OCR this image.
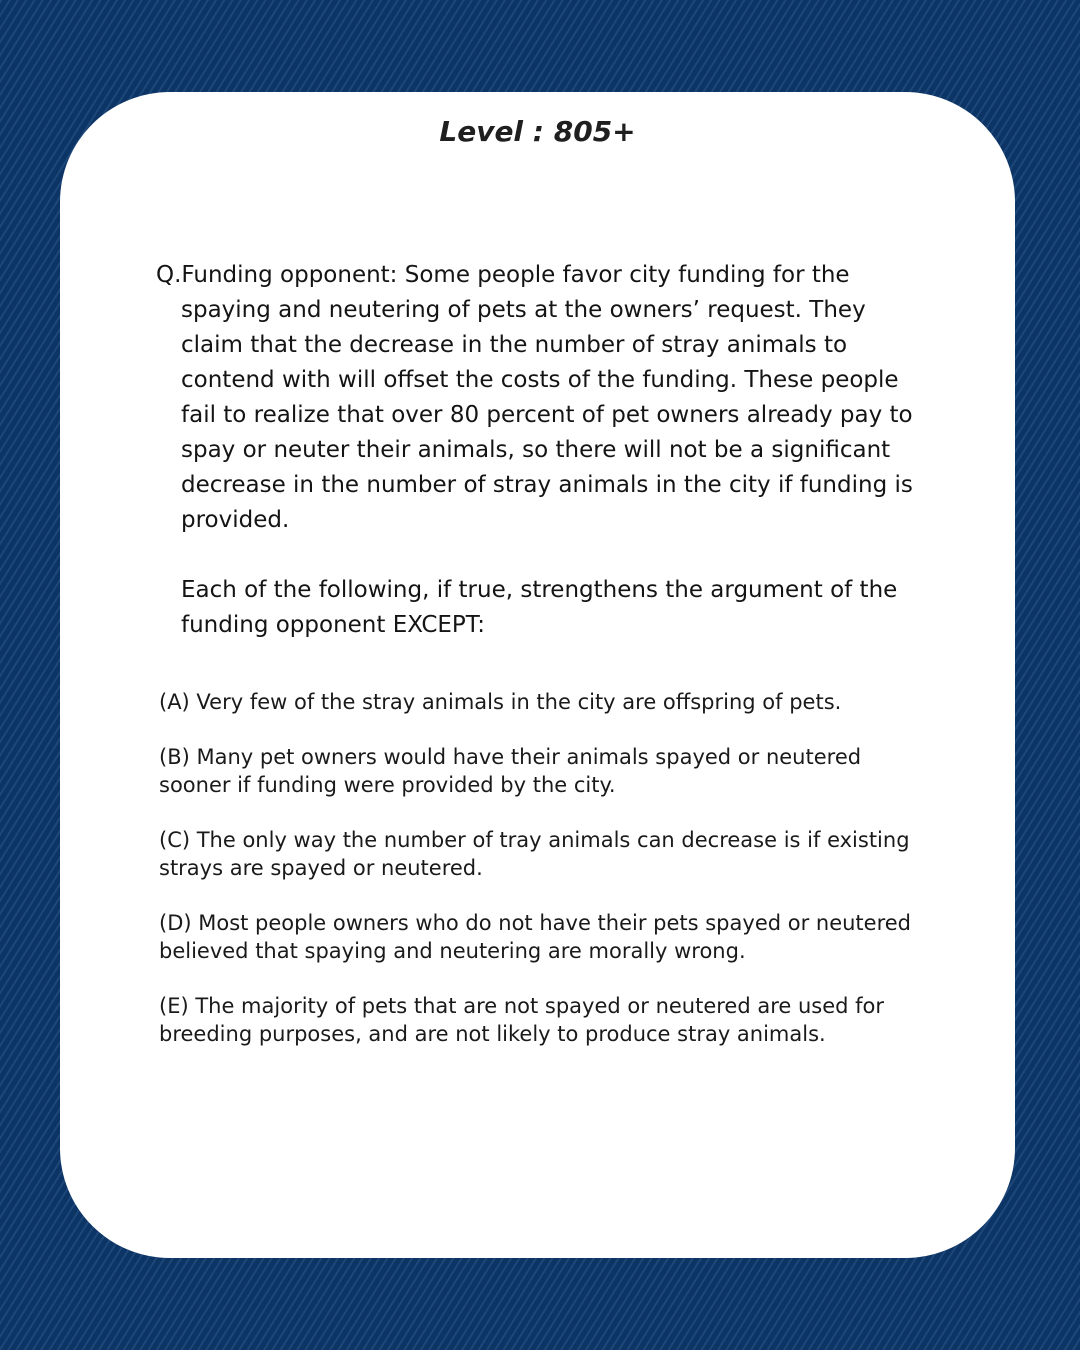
Level : 805+

Q.Funding opponent: Some people favor city funding for the spaying and neutering of pets at the owners’ request. They claim that the decrease in the number of stray animals to contend with will offset the costs of the funding. These people fail to realize that over 80 percent of pet owners already pay to spay or neuter their animals, so there will not be a significant decrease in the number of stray animals in the city if funding is provided.

Each of the following, if true, strengthens the argument of the funding opponent EXCEPT:

(A) Very few of the stray animals in the city are offspring of pets.
(B) Many pet owners would have their animals spayed or neutered sooner if funding were provided by the city.
(C) The only way the number of tray animals can decrease is if existing strays are spayed or neutered.
(D) Most people owners who do not have their pets spayed or neutered believed that spaying and neutering are morally wrong.
(E) The majority of pets that are not spayed or neutered are used for breeding purposes, and are not likely to produce stray animals.
